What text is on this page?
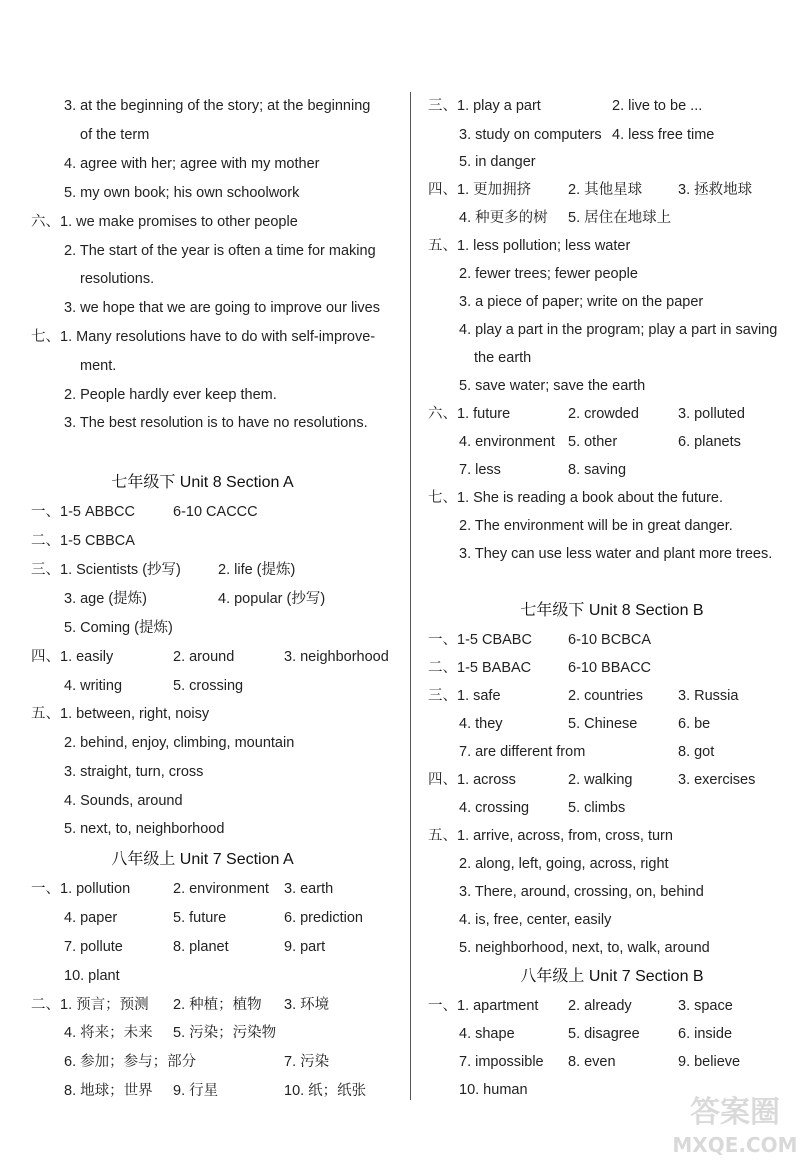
3. at the beginning of the story; at the beginning
of the term
4. agree with her; agree with my mother
5. my own book; his own schoolwork
六、1. we make promises to other people
2. The start of the year is often a time for making
resolutions.
3. we hope that we are going to improve our lives
七、1. Many resolutions have to do with self-improve-
ment.
2. People hardly ever keep them.
3. The best resolution is to have no resolutions.
一、1-5 ABBCC	6-10 CACCC
二、1-5 CBBCA
三、1. Scientists (抄写)	2. life (提炼)
3. age (提炼)	4. popular (抄写)
5. Coming (提炼)
四、1. easily	2. around	3. neighborhood
4. writing	5. crossing
五、1. between, right, noisy
2. behind, enjoy, climbing, mountain
3. straight, turn, cross
4. Sounds, around
5. next, to, neighborhood
一、1. pollution	2. environment 3. earth
4. paper	5. future	6. prediction
7. pollute	8. planet	9. part
10. plant
二、1. 预言；预测 2. 种植；植物 3. 环境
4. 将来；未来 5. 污染；污染物
6. 参加；参与；部分	7. 污染
8. 地球；世界 9. 行星	10. 纸；纸张
七年级下 Unit 8 Section A
八年级上 Unit 7 Section A
三、1. play a part	2. live to be ...
3. study on computers 4. less free time
5. in danger
四、1. 更加拥挤	2. 其他星球 3. 拯救地球
4. 种更多的树 5. 居住在地球上
五、1. less pollution; less water
2. fewer trees; fewer people
3. a piece of paper; write on the paper
4. play a part in the program; play a part in saving
the earth
5. save water; save the earth
六、1. future	2. crowded	3. polluted
4. environment 5. other	6. planets
7. less	8. saving
七、1. She is reading a book about the future.
2. The environment will be in great danger.
3. They can use less water and plant more trees.
一、1-5 CBABC 6-10 BCBCA
二、1-5 BABAC	6-10 BBACC
三、1. safe	2. countries 3. Russia
4. they	5. Chinese	6. be
7. are different from	8. got
四、1. across	2. walking	3. exercises
4. crossing	5. climbs
五、1. arrive, across, from, cross, turn
2. along, left, going, across, right
3. There, around, crossing, on, behind
4. is, free, center, easily
5. neighborhood, next, to, walk, around
一、1. apartment 2. already	3. space
4. shape	5. disagree	6. inside
7. impossible 8. even	9. believe
10. human
七年级下 Unit 8 Section B
八年级上 Unit 7 Section B
答案圈
MXQE.COM
